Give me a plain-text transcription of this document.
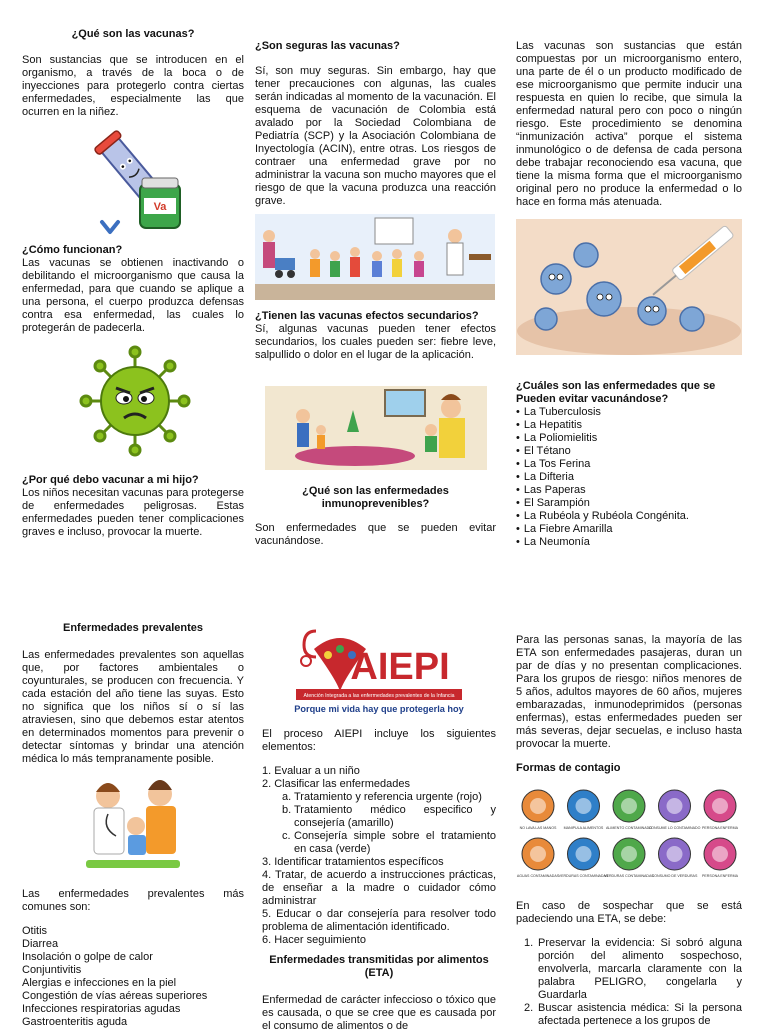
¿Qué son las vacunas?
Son sustancias que se introducen en el organismo, a través de la boca o de inyecciones para protegerlo contra ciertas enfermedades, especialmente las que ocurren en la niñez.
Va
¿Cómo funcionan?
Las vacunas se obtienen inactivando o debilitando el microorganismo que causa la enfermedad, para que cuando se aplique a una persona, el cuerpo produzca defensas contra esa enfermedad, las cuales lo protegerán de padecerla.
¿Por qué debo vacunar a mi hijo?
Los niños necesitan vacunas para protegerse de enfermedades peligrosas. Estas enfermedades pueden tener complicaciones graves e incluso, provocar la muerte.
¿Son seguras las vacunas?
Sí, son muy seguras. Sin embargo, hay que tener precauciones con algunas, las cuales serán indicadas al momento de la vacunación. El esquema de vacunación de Colombia está avalado por la Sociedad Colombiana de Pediatría (SCP) y la Asociación Colombiana de Inyectología (ACIN), entre otras. Los riesgos de contraer una enfermedad grave por no administrar la vacuna son mucho mayores que el riesgo de que la vacuna produzca una reacción grave.
¿Tienen las vacunas efectos secundarios?
Sí, algunas vacunas pueden tener efectos secundarios, los cuales pueden ser: fiebre leve, salpullido o dolor en el lugar de la aplicación.
¿Qué son las enfermedades
inmunoprevenibles?
Son enfermedades que se pueden evitar vacunándose.
Las vacunas son sustancias que están compuestas por un microorganismo entero, una parte de él o un producto modificado de ese microorganismo que permite inducir una respuesta en quien lo recibe, que simula la enfermedad natural pero con poco o ningún riesgo. Este procedimiento se denomina “inmunización activa” porque el sistema inmunológico o de defensa de cada persona debe trabajar reconociendo esa vacuna, que tiene la misma forma que el microorganismo original pero no produce la enfermedad o lo hace en forma más atenuada.
¿Cuáles son las enfermedades que se Pueden evitar vacunándose?
• La Tuberculosis
• La Hepatitis
• La Poliomielitis
• El Tétano
• La Tos Ferina
• La Difteria
• Las Paperas
• El Sarampión
• La Rubéola y Rubéola Congénita.
• La Fiebre Amarilla
• La Neumonía
Enfermedades prevalentes
Las enfermedades prevalentes son aquellas que, por factores ambientales o coyunturales, se producen con frecuencia. Y cada estación del año tiene las suyas. Esto no significa que los niños sí o sí las atraviesen, sino que debemos estar atentos en determinados momentos para prevenir o detectar síntomas y brindar una atención médica lo más tempranamente posible.
Las enfermedades prevalentes más comunes son:
Otitis
Diarrea
Insolación o golpe de calor
Conjuntivitis
Alergias e infecciones en la piel
Congestión de vías aéreas superiores
Infecciones respiratorias agudas
Gastroenteritis aguda
AIEPI
Atención Integrada a las enfermedades prevalentes de la Infancia
Porque mi vida hay que protegerla hoy
El proceso AIEPI incluye los siguientes elementos:
1. Evaluar a un niño
2. Clasificar las enfermedades
a. Tratamiento y referencia urgente (rojo)
b. Tratamiento médico especifico y consejería (amarillo)
c. Consejería simple sobre el tratamiento en casa (verde)
3. Identificar tratamientos específicos
4. Tratar, de acuerdo a instrucciones prácticas, de enseñar a la madre o cuidador cómo administrar
5. Educar o dar consejería para resolver todo problema de alimentación identificado.
6. Hacer seguimiento
Enfermedades transmitidas por alimentos
(ETA)
Enfermedad de carácter infeccioso o tóxico que es causada, o que se cree que es causada por el consumo de alimentos o de
Para las personas sanas, la mayoría de las ETA son enfermedades pasajeras, duran un par de días y no presentan complicaciones. Para los grupos de riesgo: niños menores de 5 años, adultos mayores de 60 años, mujeres embarazadas, inmunodeprimidos (personas enfermas), estas enfermedades pueden ser más severas, dejar secuelas, e incluso hasta provocar la muerte.
Formas de contagio
NO LAVA LAS MANOS MANIPULA ALIMENTOS ALIMENTO CONTAMINADO
CONSUME LO CONTAMINADO PERSONA ENFERMA
AGUAS CONTAMINADAS VERDURAS CONTAMINADAS
VERDURAS CONTAMINADAS
CONSUMO DE VERDURAS PERSONA ENFERMA
En caso de sospechar que se está padeciendo una ETA, se debe:
1. Preservar la evidencia: Si sobró alguna porción del alimento sospechoso, envolverla, marcarla claramente con la palabra PELIGRO, congelarla y Guardarla
2. Buscar asistencia médica: Si la persona afectada pertenece a los grupos de
